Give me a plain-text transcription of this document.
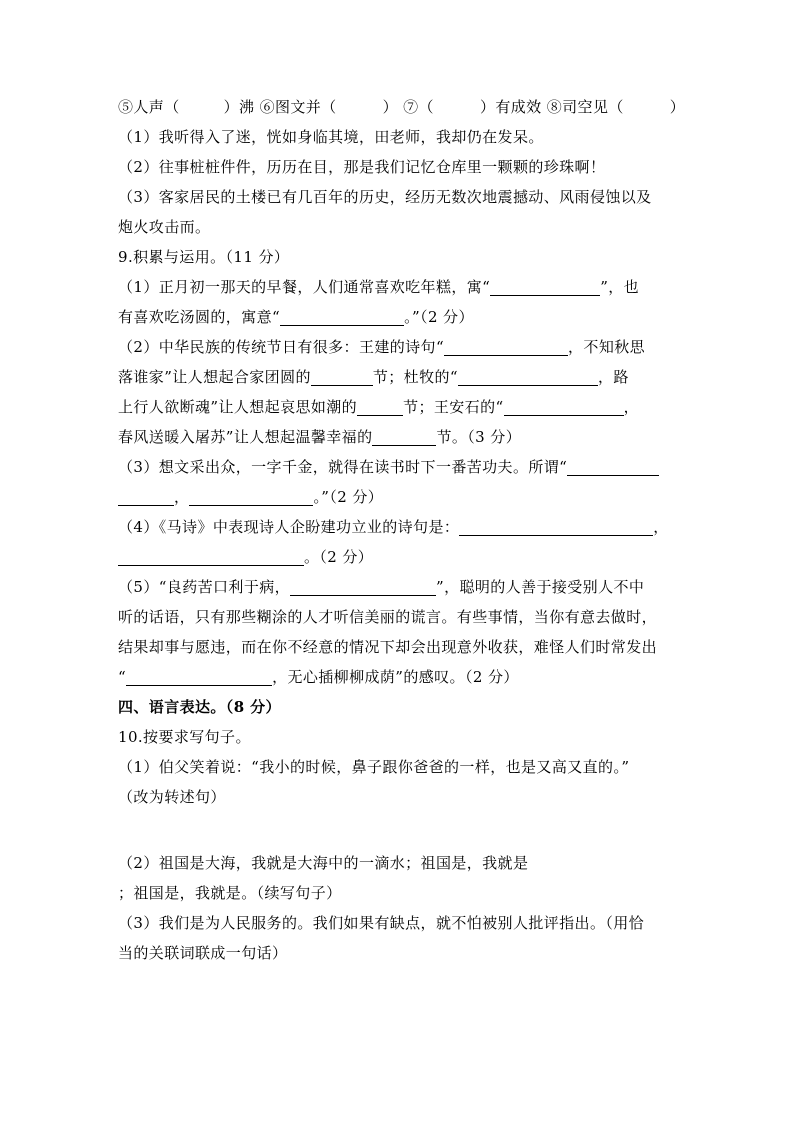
⑤人声（	）沸 ⑥图文并（	） ⑦（	）有成效 ⑧司空见（	）
（1）我听得入了迷，恍如身临其境，田老师，我却仍在发呆。
（2）往事桩桩件件，历历在目，那是我们记忆仓库里一颗颗的珍珠啊！
（3）客家居民的土楼已有几百年的历史，经历无数次地震撼动、风雨侵蚀以及
炮火攻击而。
9.积累与运用。（11 分）
（1）正月初一那天的早餐，人们通常喜欢吃年糕，寓“	”，也
有喜欢吃汤圆的，寓意“	。”（2 分）
（2）中华民族的传统节日有很多：王建的诗句“	，不知秋思
落谁家”让人想起合家团圆的	节；杜牧的“	，路
上行人欲断魂”让人想起哀思如潮的	节；王安石的“	，
春风送暖入屠苏”让人想起温馨幸福的	节。（3 分）
（3）想文采出众，一字千金，就得在读书时下一番苦功夫。所谓“
，	。”（2 分）
（4）《马诗》中表现诗人企盼建功立业的诗句是：	，
。（2 分）
（5）“良药苦口利于病，	”，聪明的人善于接受别人不中
听的话语，只有那些糊涂的人才听信美丽的谎言。有些事情，当你有意去做时，
结果却事与愿违，而在你不经意的情况下却会出现意外收获，难怪人们时常发出
“	，无心插柳柳成荫”的感叹。（2 分）
四、语言表达。（8 分）
10.按要求写句子。
（1）伯父笑着说：“我小的时候，鼻子跟你爸爸的一样，也是又高又直的。”
（改为转述句）
（2）祖国是大海，我就是大海中的一滴水；祖国是，我就是
；祖国是，我就是。（续写句子）
（3）我们是为人民服务的。我们如果有缺点，就不怕被别人批评指出。（用恰
当的关联词联成一句话）
